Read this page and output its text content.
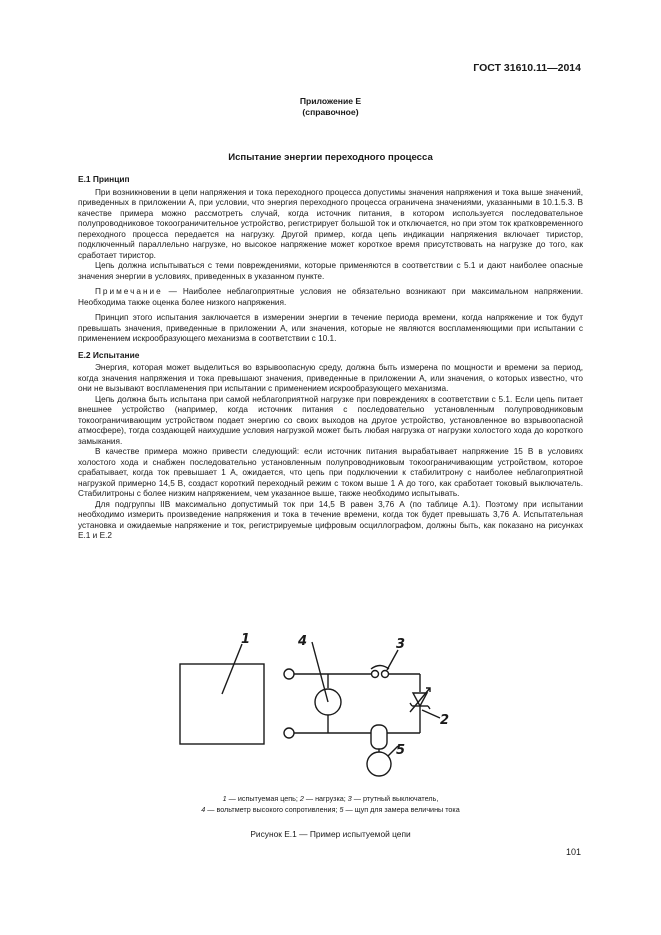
ГОСТ 31610.11—2014
Приложение Е
(справочное)
Испытание энергии переходного процесса
Е.1 Принцип

При возникновении в цепи напряжения и тока переходного процесса допустимы значения напряжения и тока выше значений, приведенных в приложении А, при условии, что энергия переходного процесса ограничена значениями, указанными в 10.1.5.3. В качестве примера можно рассмотреть случай, когда источник питания, в котором используется последовательное полупроводниковое токоограничительное устройство, регистрирует большой ток и отключается, но при этом ток кратковременного переходного процесса передается на нагрузку. Другой пример, когда цепь индикации напряжения включает тиристор, подключенный параллельно нагрузке, но высокое напряжение может короткое время присутствовать на нагрузке до того, как сработает тиристор.

Цепь должна испытываться с теми повреждениями, которые применяются в соответствии с 5.1 и дают наиболее опасные значения энергии в условиях, приведенных в указанном пункте.

Примечание — Наиболее неблагоприятные условия не обязательно возникают при максимальном напряжении. Необходима также оценка более низкого напряжения.

Принцип этого испытания заключается в измерении энергии в течение периода времени, когда напряжение и ток будут превышать значения, приведенные в приложении А, или значения, которые не являются воспламеняющими при испытании с применением искрообразующего механизма в соответствии с 10.1.

Е.2 Испытание

Энергия, которая может выделиться во взрывоопасную среду, должна быть измерена по мощности и времени за период, когда значения напряжения и тока превышают значения, приведенные в приложении А, или значения, о которых известно, что они не вызывают воспламенения при испытании с применением искрообразующего механизма.

Цепь должна быть испытана при самой неблагоприятной нагрузке при повреждениях в соответствии с 5.1. Если цепь питает внешнее устройство (например, когда источник питания с последовательно установленным полупроводниковым токоограничивающим устройством подает энергию со своих выходов на другое устройство, установленное во взрывоопасной атмосфере), тогда создающей наихудшие условия нагрузкой может быть любая нагрузка от нагрузки холостого хода до короткого замыкания.

В качестве примера можно привести следующий: если источник питания вырабатывает напряжение 15 В в условиях холостого хода и снабжен последовательно установленным полупроводниковым токоограничивающим устройством, которое срабатывает, когда ток превышает 1 А, ожидается, что цепь при подключении к стабилитрону с наиболее неблагоприятной нагрузкой примерно 14,5 В, создаст короткий переходный режим с током выше 1 А до того, как сработает токовый выключатель. Стабилитроны с более низким напряжением, чем указанное выше, также необходимо испытывать.

Для подгруппы IIB максимально допустимый ток при 14,5 В равен 3,76 А (по таблице А.1). Поэтому при испытании необходимо измерить произведение напряжения и тока в течение времени, когда ток будет превышать 3,76 А. Испытательная установка и ожидаемые напряжение и ток, регистрируемые цифровым осциллографом, должны быть, как показано на рисунках Е.1 и Е.2

1	4	3
2
5
1 — испытуемая цепь; 2 — нагрузка; 3 — ртутный выключатель,
4 — вольтметр высокого сопротивления; 5 — щуп для замера величины тока
Рисунок Е.1 — Пример испытуемой цепи
101
